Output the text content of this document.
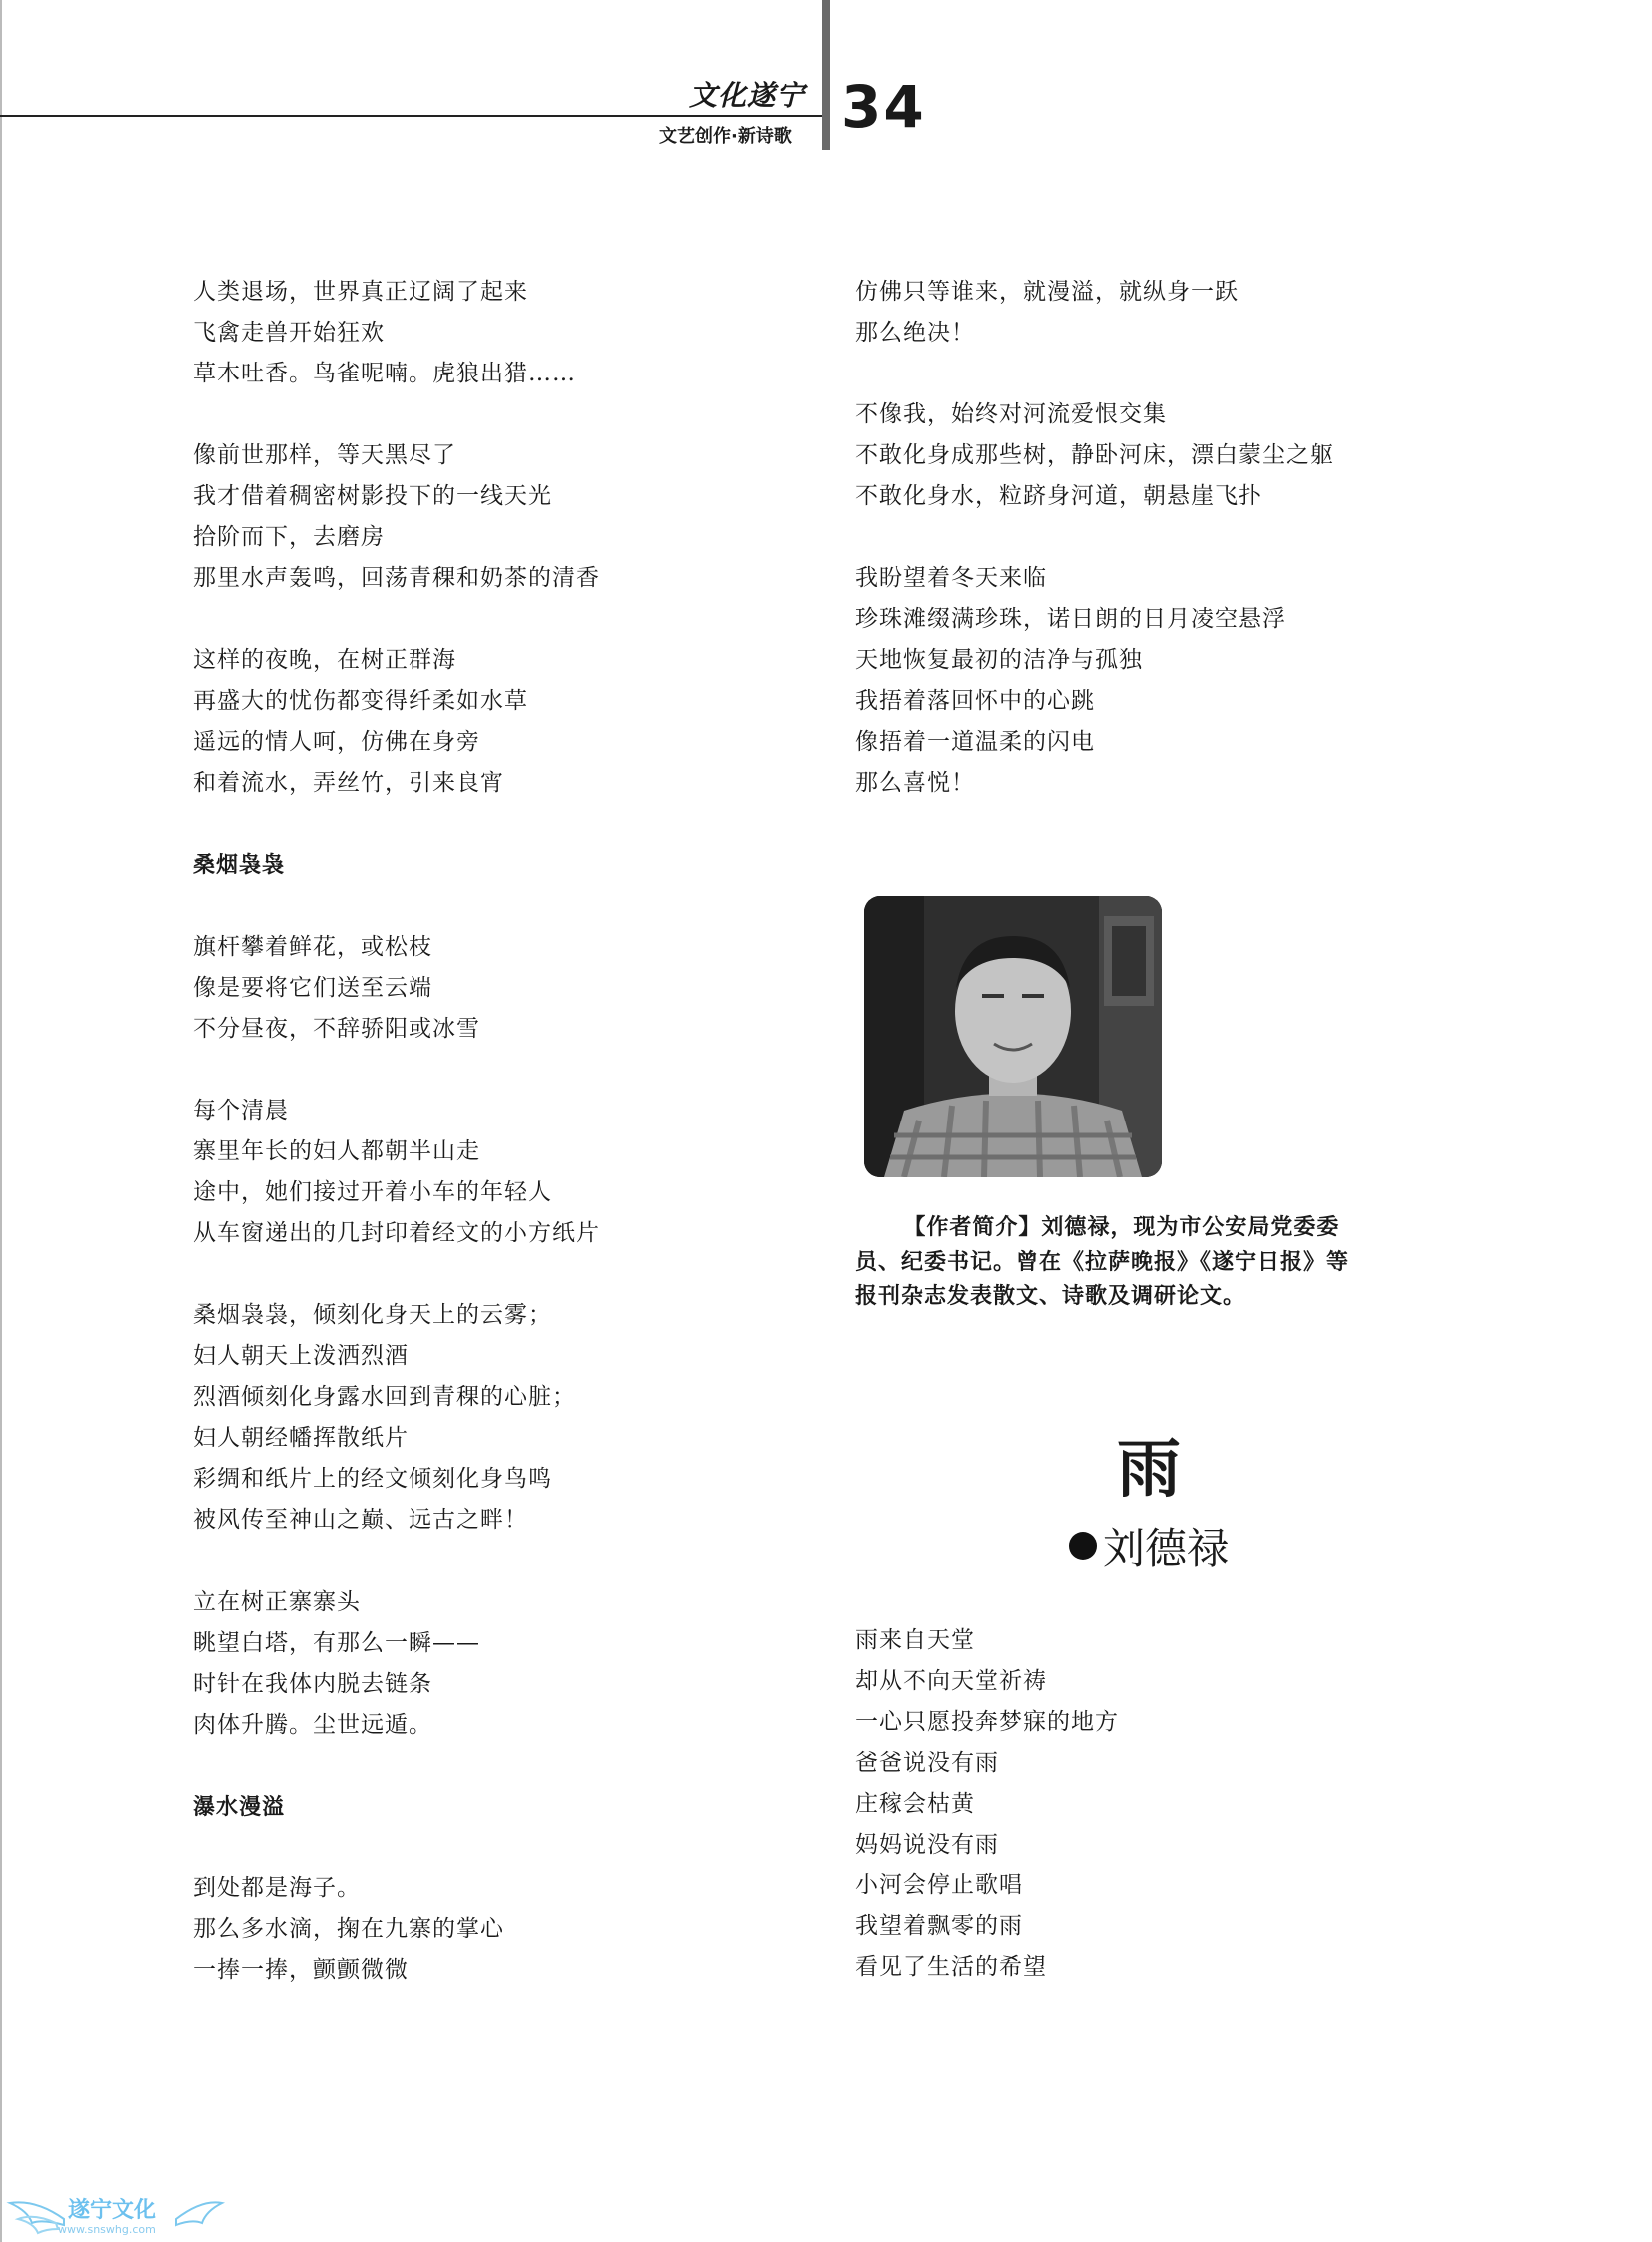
文化遂宁
文艺创作·新诗歌 34
人类退场，世界真正辽阔了起来
飞禽走兽开始狂欢
草木吐香。鸟雀呢喃。虎狼出猎……
像前世那样，等天黑尽了
我才借着稠密树影投下的一线天光
拾阶而下，去磨房
那里水声轰鸣，回荡青稞和奶茶的清香
这样的夜晚，在树正群海
再盛大的忧伤都变得纤柔如水草
遥远的情人呵，仿佛在身旁
和着流水，弄丝竹，引来良宵
桑烟袅袅
旗杆攀着鲜花，或松枝
像是要将它们送至云端
不分昼夜，不辞骄阳或冰雪
每个清晨
寨里年长的妇人都朝半山走
途中，她们接过开着小车的年轻人
从车窗递出的几封印着经文的小方纸片
桑烟袅袅，倾刻化身天上的云雾；
妇人朝天上泼洒烈酒
烈酒倾刻化身露水回到青稞的心脏；
妇人朝经幡挥散纸片
彩绸和纸片上的经文倾刻化身鸟鸣
被风传至神山之巅、远古之畔！
立在树正寨寨头
眺望白塔，有那么一瞬——
时针在我体内脱去链条
肉体升腾。尘世远遁。
瀑水漫溢
到处都是海子。
那么多水滴，掬在九寨的掌心
一捧一捧，颤颤微微
仿佛只等谁来，就漫溢，就纵身一跃
那么绝决！
不像我，始终对河流爱恨交集
不敢化身成那些树，静卧河床，漂白蒙尘之躯
不敢化身水，粒跻身河道，朝悬崖飞扑
我盼望着冬天来临
珍珠滩缀满珍珠，诺日朗的日月凌空悬浮
天地恢复最初的洁净与孤独
我捂着落回怀中的心跳
像捂着一道温柔的闪电
那么喜悦！
【作者简介】刘德禄，现为市公安局党委委员、纪委书记。曾在《拉萨晚报》《遂宁日报》等报刊杂志发表散文、诗歌及调研论文。
雨
刘德禄
雨来自天堂
却从不向天堂祈祷
一心只愿投奔梦寐的地方
爸爸说没有雨
庄稼会枯黄
妈妈说没有雨
小河会停止歌唱
我望着飘零的雨
看见了生活的希望
遂宁文化
www.snswhg.com
